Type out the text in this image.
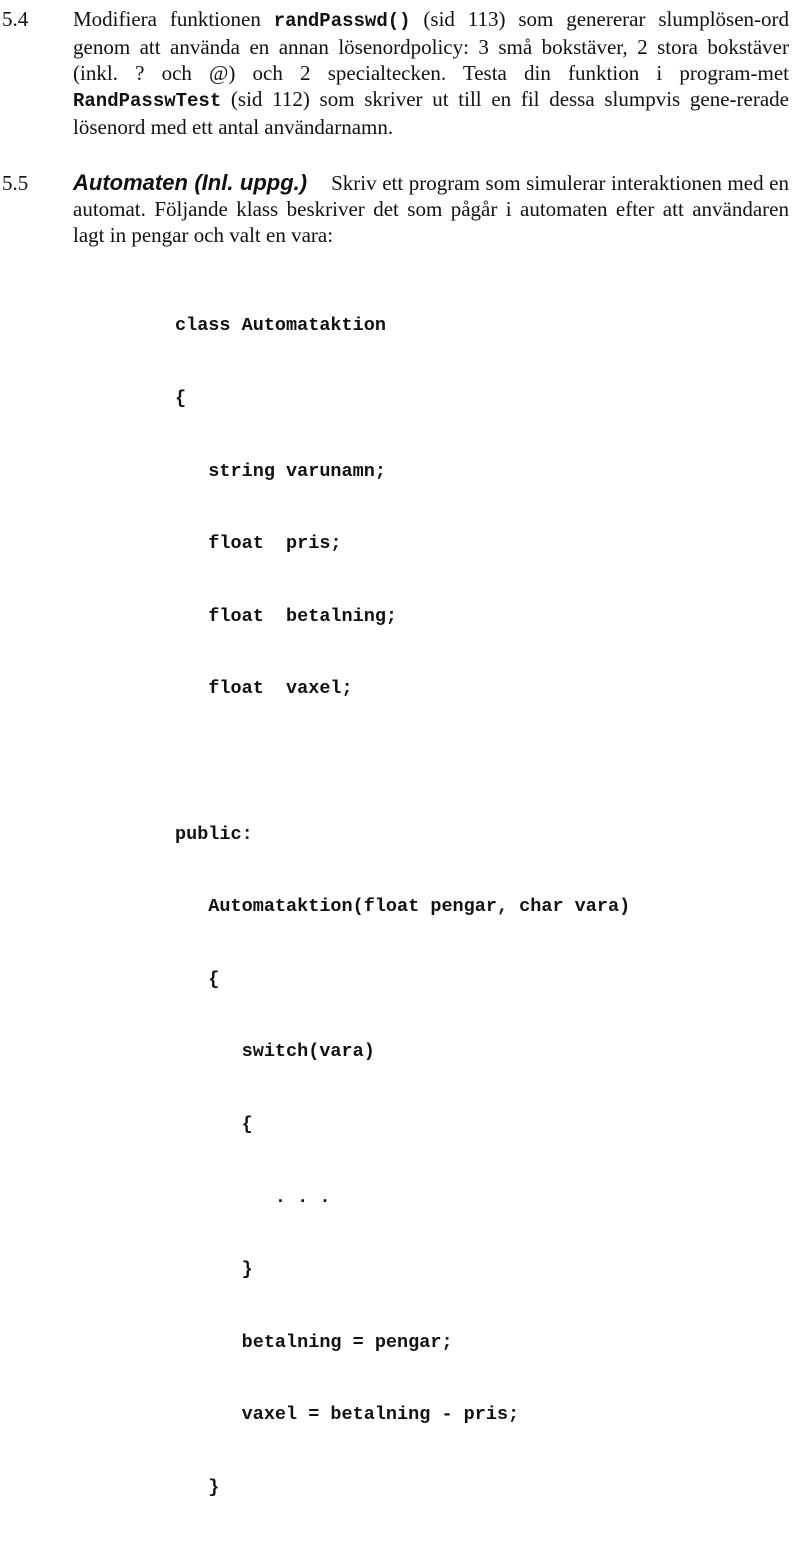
5.4 Modifiera funktionen randPasswd() (sid 113) som genererar slumplösen-ord genom att använda en annan lösenordpolicy: 3 små bokstäver, 2 stora bokstäver (inkl. ? och @) och 2 specialtecken. Testa din funktion i program-met RandPasswTest (sid 112) som skriver ut till en fil dessa slumpvis gene-rerade lösenord med ett antal användarnamn.
5.5 Automaten (Inl. uppg.) Skriv ett program som simulerar interaktionen med en automat. Följande klass beskriver det som pågår i automaten efter att användaren lagt in pengar och valt en vara:

class Automataktion

{

string varunamn;

float  pris;

float  betalning;

float  vaxel;

public:

Automataktion(float pengar, char vara)

{

switch(vara)

{

. . .

}

betalning = pengar;

vaxel = betalning - pris;

}
